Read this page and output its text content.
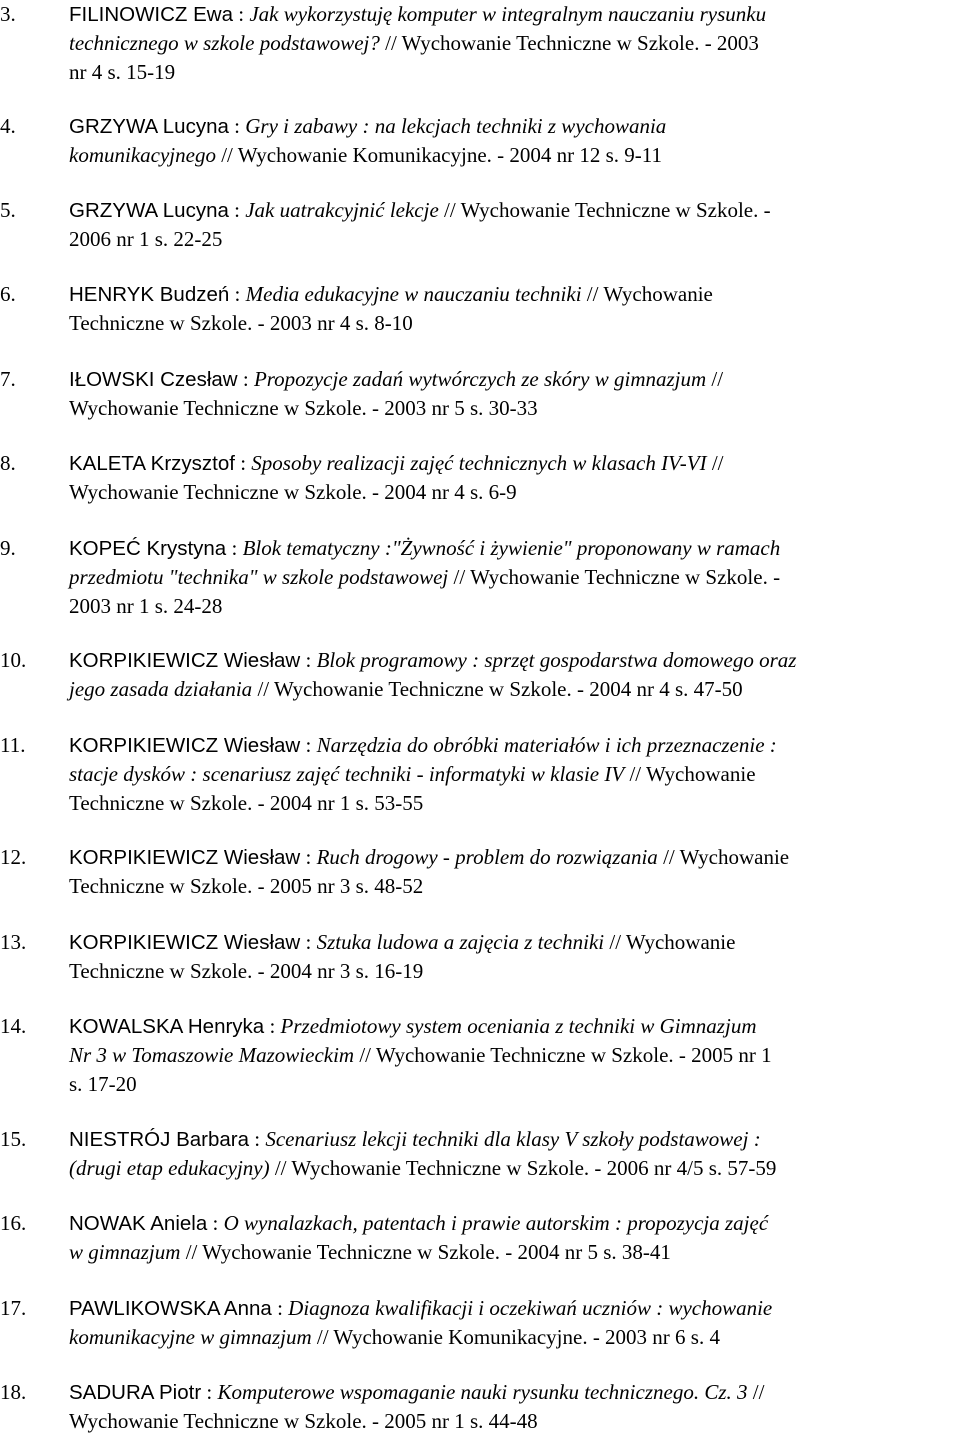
3.	FILINOWICZ Ewa : Jak wykorzystuję komputer w integralnym nauczaniu rysunku
technicznego w szkole podstawowej? // Wychowanie Techniczne w Szkole. - 2003
nr 4 s. 15-19
4.	GRZYWA Lucyna : Gry i zabawy : na lekcjach techniki z wychowania
komunikacyjnego // Wychowanie Komunikacyjne. - 2004 nr 12 s. 9-11
5.	GRZYWA Lucyna : Jak uatrakcyjnić lekcje // Wychowanie Techniczne w Szkole. -
2006 nr 1 s. 22-25
6.	HENRYK Budzeń : Media edukacyjne w nauczaniu techniki // Wychowanie
Techniczne w Szkole. - 2003 nr 4 s. 8-10
7.	IŁOWSKI Czesław : Propozycje zadań wytwórczych ze skóry w gimnazjum //
Wychowanie Techniczne w Szkole. - 2003 nr 5 s. 30-33
8.	KALETA Krzysztof : Sposoby realizacji zajęć technicznych w klasach IV-VI //
Wychowanie Techniczne w Szkole. - 2004 nr 4 s. 6-9
9.	KOPEĆ Krystyna : Blok tematyczny :"Żywność i żywienie" proponowany w ramach
przedmiotu "technika" w szkole podstawowej // Wychowanie Techniczne w Szkole. -
2003 nr 1 s. 24-28
10. KORPIKIEWICZ Wiesław : Blok programowy : sprzęt gospodarstwa domowego oraz
jego zasada działania // Wychowanie Techniczne w Szkole. - 2004 nr 4 s. 47-50
11. KORPIKIEWICZ Wiesław : Narzędzia do obróbki materiałów i ich przeznaczenie :
stacje dysków : scenariusz zajęć techniki - informatyki w klasie IV // Wychowanie
Techniczne w Szkole. - 2004 nr 1 s. 53-55
12. KORPIKIEWICZ Wiesław : Ruch drogowy - problem do rozwiązania // Wychowanie
Techniczne w Szkole. - 2005 nr 3 s. 48-52
13. KORPIKIEWICZ Wiesław : Sztuka ludowa a zajęcia z techniki // Wychowanie
Techniczne w Szkole. - 2004 nr 3 s. 16-19
14. KOWALSKA Henryka : Przedmiotowy system oceniania z techniki w Gimnazjum
Nr 3 w Tomaszowie Mazowieckim // Wychowanie Techniczne w Szkole. - 2005 nr 1
s. 17-20
15. NIESTRÓJ Barbara : Scenariusz lekcji techniki dla klasy V szkoły podstawowej :
(drugi etap edukacyjny) // Wychowanie Techniczne w Szkole. - 2006 nr 4/5 s. 57-59
16. NOWAK Aniela : O wynalazkach, patentach i prawie autorskim : propozycja zajęć
w gimnazjum // Wychowanie Techniczne w Szkole. - 2004 nr 5 s. 38-41
17. PAWLIKOWSKA Anna : Diagnoza kwalifikacji i oczekiwań uczniów : wychowanie
komunikacyjne w gimnazjum // Wychowanie Komunikacyjne. - 2003 nr 6 s. 4
18. SADURA Piotr : Komputerowe wspomaganie nauki rysunku technicznego. Cz. 3 //
Wychowanie Techniczne w Szkole. - 2005 nr 1 s. 44-48
